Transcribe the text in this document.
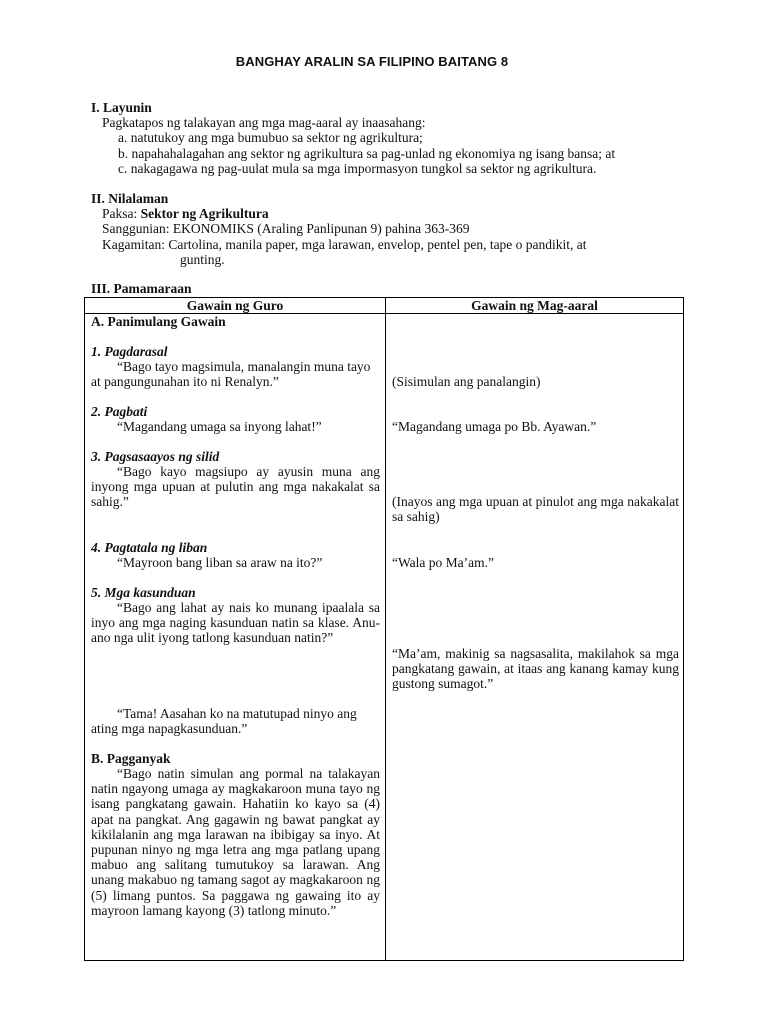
BANGHAY ARALIN SA FILIPINO BAITANG 8
I. Layunin
Pagkatapos ng talakayan ang mga mag-aaral ay inaasahang:
a. natutukoy ang mga bumubuo sa sektor ng agrikultura;
b. napahahalagahan ang sektor ng agrikultura sa pag-unlad ng ekonomiya ng isang bansa; at
c. nakagagawa ng pag-uulat mula sa mga impormasyon tungkol sa sektor ng agrikultura.
II. Nilalaman
Paksa: Sektor ng Agrikultura
Sanggunian: EKONOMIKS (Araling Panlipunan 9) pahina 363-369
Kagamitan: Cartolina, manila paper, mga larawan, envelop, pentel pen, tape o pandikit, at
gunting.
III. Pamamaraan
Gawain ng Guro	Gawain ng Mag-aaral
A. Panimulang Gawain
1. Pagdarasal
“Bago tayo magsimula, manalangin muna tayo at pangungunahan ito ni Renalyn.”
2. Pagbati
“Magandang umaga sa inyong lahat!”
3. Pagsasaayos ng silid
“Bago kayo magsiupo ay ayusin muna ang inyong mga upuan at pulutin ang mga nakakalat sa sahig.”
4. Pagtatala ng liban
“Mayroon bang liban sa araw na ito?”
5. Mga kasunduan
“Bago ang lahat ay nais ko munang ipaalala sa inyo ang mga naging kasunduan natin sa klase. Anu-ano nga ulit iyong tatlong kasunduan natin?”
“Tama! Aasahan ko na matutupad ninyo ang ating mga napagkasunduan.”
B. Pagganyak
“Bago natin simulan ang pormal na talakayan natin ngayong umaga ay magkakaroon muna tayo ng isang pangkatang gawain. Hahatiin ko kayo sa (4) apat na pangkat. Ang gagawin ng bawat pangkat ay kikilalanin ang mga larawan na ibibigay sa inyo. At pupunan ninyo ng mga letra ang mga patlang upang mabuo ang salitang tumutukoy sa larawan. Ang unang makabuo ng tamang sagot ay magkakaroon ng (5) limang puntos. Sa paggawa ng gawaing ito ay mayroon lamang kayong (3) tatlong minuto.”
(Sisimulan ang panalangin)
“Magandang umaga po Bb. Ayawan.”
(Inayos ang mga upuan at pinulot ang mga nakakalat sa sahig)
“Wala po Ma’am.”
“Ma’am, makinig sa nagsasalita, makilahok sa mga pangkatang gawain, at itaas ang kanang kamay kung gustong sumagot.”
